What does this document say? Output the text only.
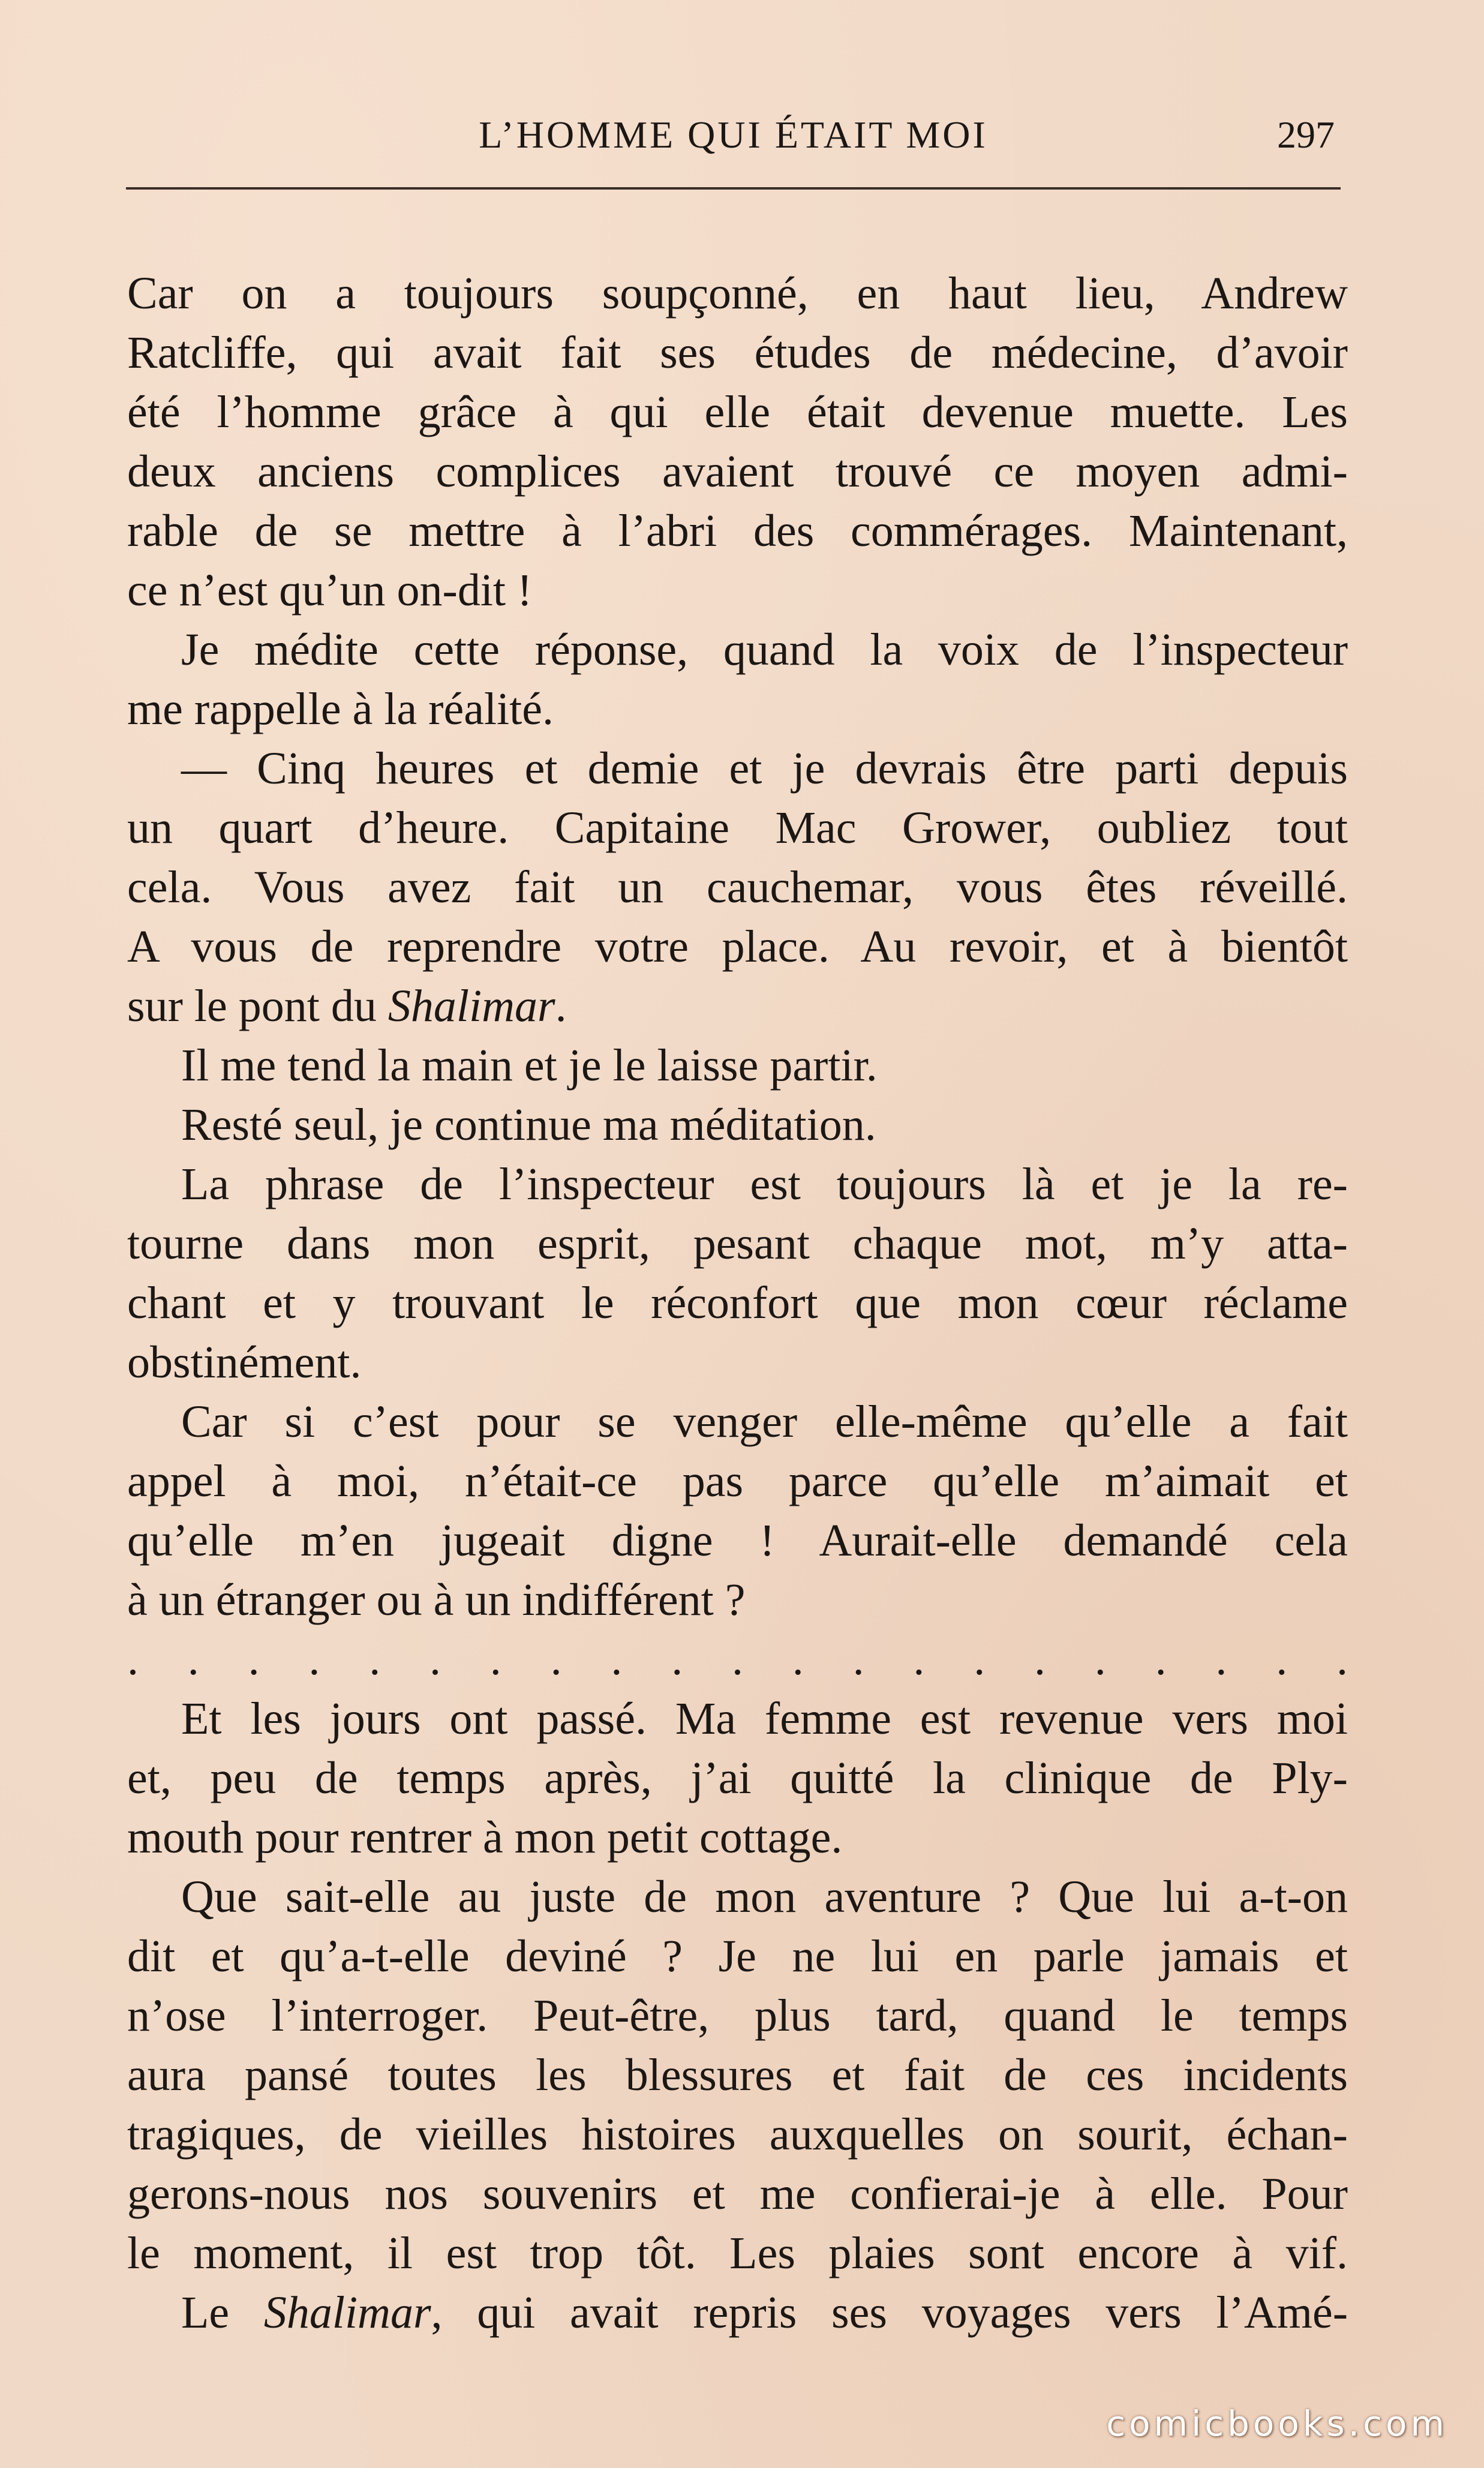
L’HOMME QUI ÉTAIT MOI	297
Car on a toujours soupçonné, en haut lieu, Andrew
Ratcliffe, qui avait fait ses études de médecine, d’avoir
été l’homme grâce à qui elle était devenue muette. Les
deux anciens complices avaient trouvé ce moyen admi-
rable de se mettre à l’abri des commérages. Maintenant,
ce n’est qu’un on-dit !
Je médite cette réponse, quand la voix de l’inspecteur
me rappelle à la réalité.
— Cinq heures et demie et je devrais être parti depuis
un quart d’heure. Capitaine Mac Grower, oubliez tout
cela. Vous avez fait un cauchemar, vous êtes réveillé.
A vous de reprendre votre place. Au revoir, et à bientôt
sur le pont du Shalimar.
Il me tend la main et je le laisse partir.
Resté seul, je continue ma méditation.
La phrase de l’inspecteur est toujours là et je la re-
tourne dans mon esprit, pesant chaque mot, m’y atta-
chant et y trouvant le réconfort que mon cœur réclame
obstinément.
Car si c’est pour se venger elle-même qu’elle a fait
appel à moi, n’était-ce pas parce qu’elle m’aimait et
qu’elle m’en jugeait digne ! Aurait-elle demandé cela
à un étranger ou à un indifférent ?
. . . . . . . . . . . . . . . . . . . . .
Et les jours ont passé. Ma femme est revenue vers moi
et, peu de temps après, j’ai quitté la clinique de Ply-
mouth pour rentrer à mon petit cottage.
Que sait-elle au juste de mon aventure ? Que lui a-t-on
dit et qu’a-t-elle deviné ? Je ne lui en parle jamais et
n’ose l’interroger. Peut-être, plus tard, quand le temps
aura pansé toutes les blessures et fait de ces incidents
tragiques, de vieilles histoires auxquelles on sourit, échan-
gerons-nous nos souvenirs et me confierai-je à elle. Pour
le moment, il est trop tôt. Les plaies sont encore à vif.
Le Shalimar, qui avait repris ses voyages vers l’Amé-
comicbooks.com
